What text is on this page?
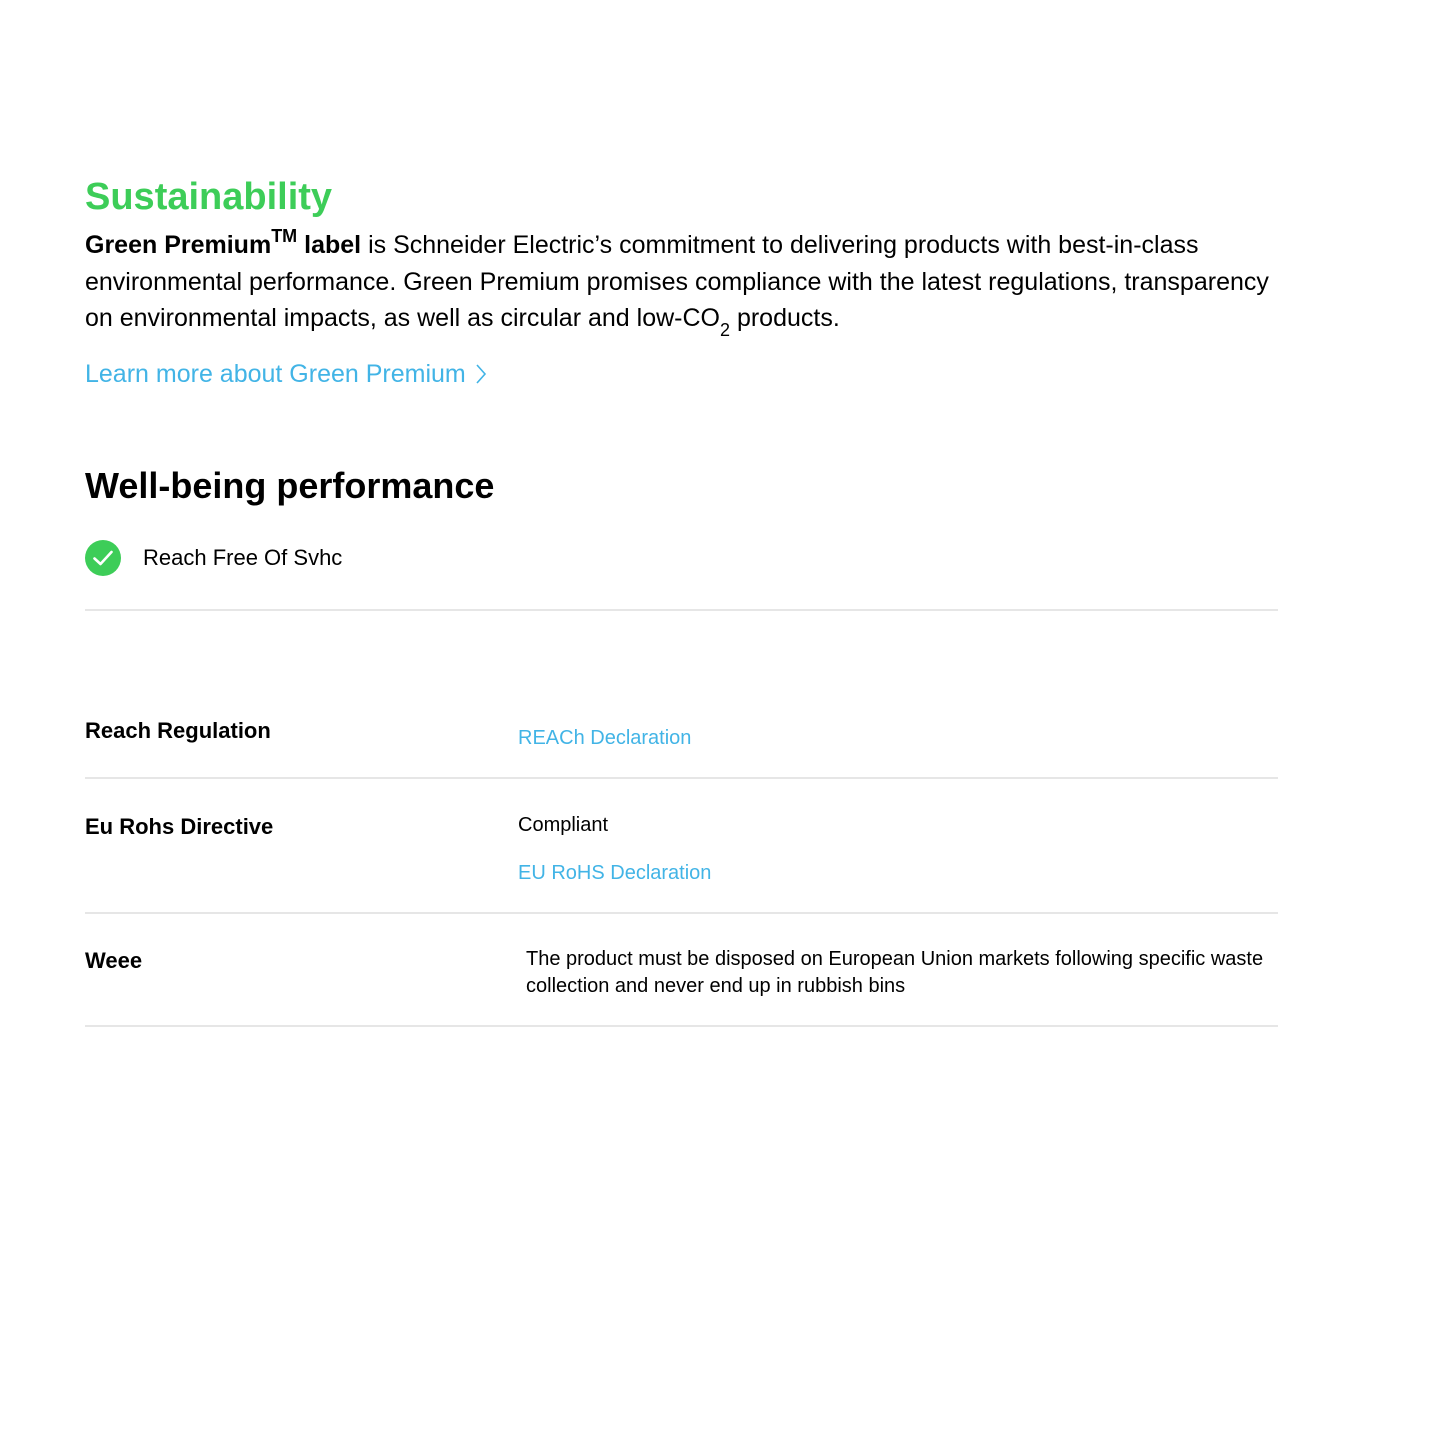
Sustainability

Green Premium™ label is Schneider Electric’s commitment to delivering products with best-in-class environmental performance. Green Premium promises compliance with the latest regulations, transparency on environmental impacts, as well as circular and low-$CO_2$ products.

Learn more about Green Premium
Well-being performance
Reach Free Of Svhc
Reach Regulation	REACh Declaration
Eu Rohs Directive	Compliant
EU RoHS Declaration
Weee	The product must be disposed on European Union markets following specific waste collection and never end up in rubbish bins
